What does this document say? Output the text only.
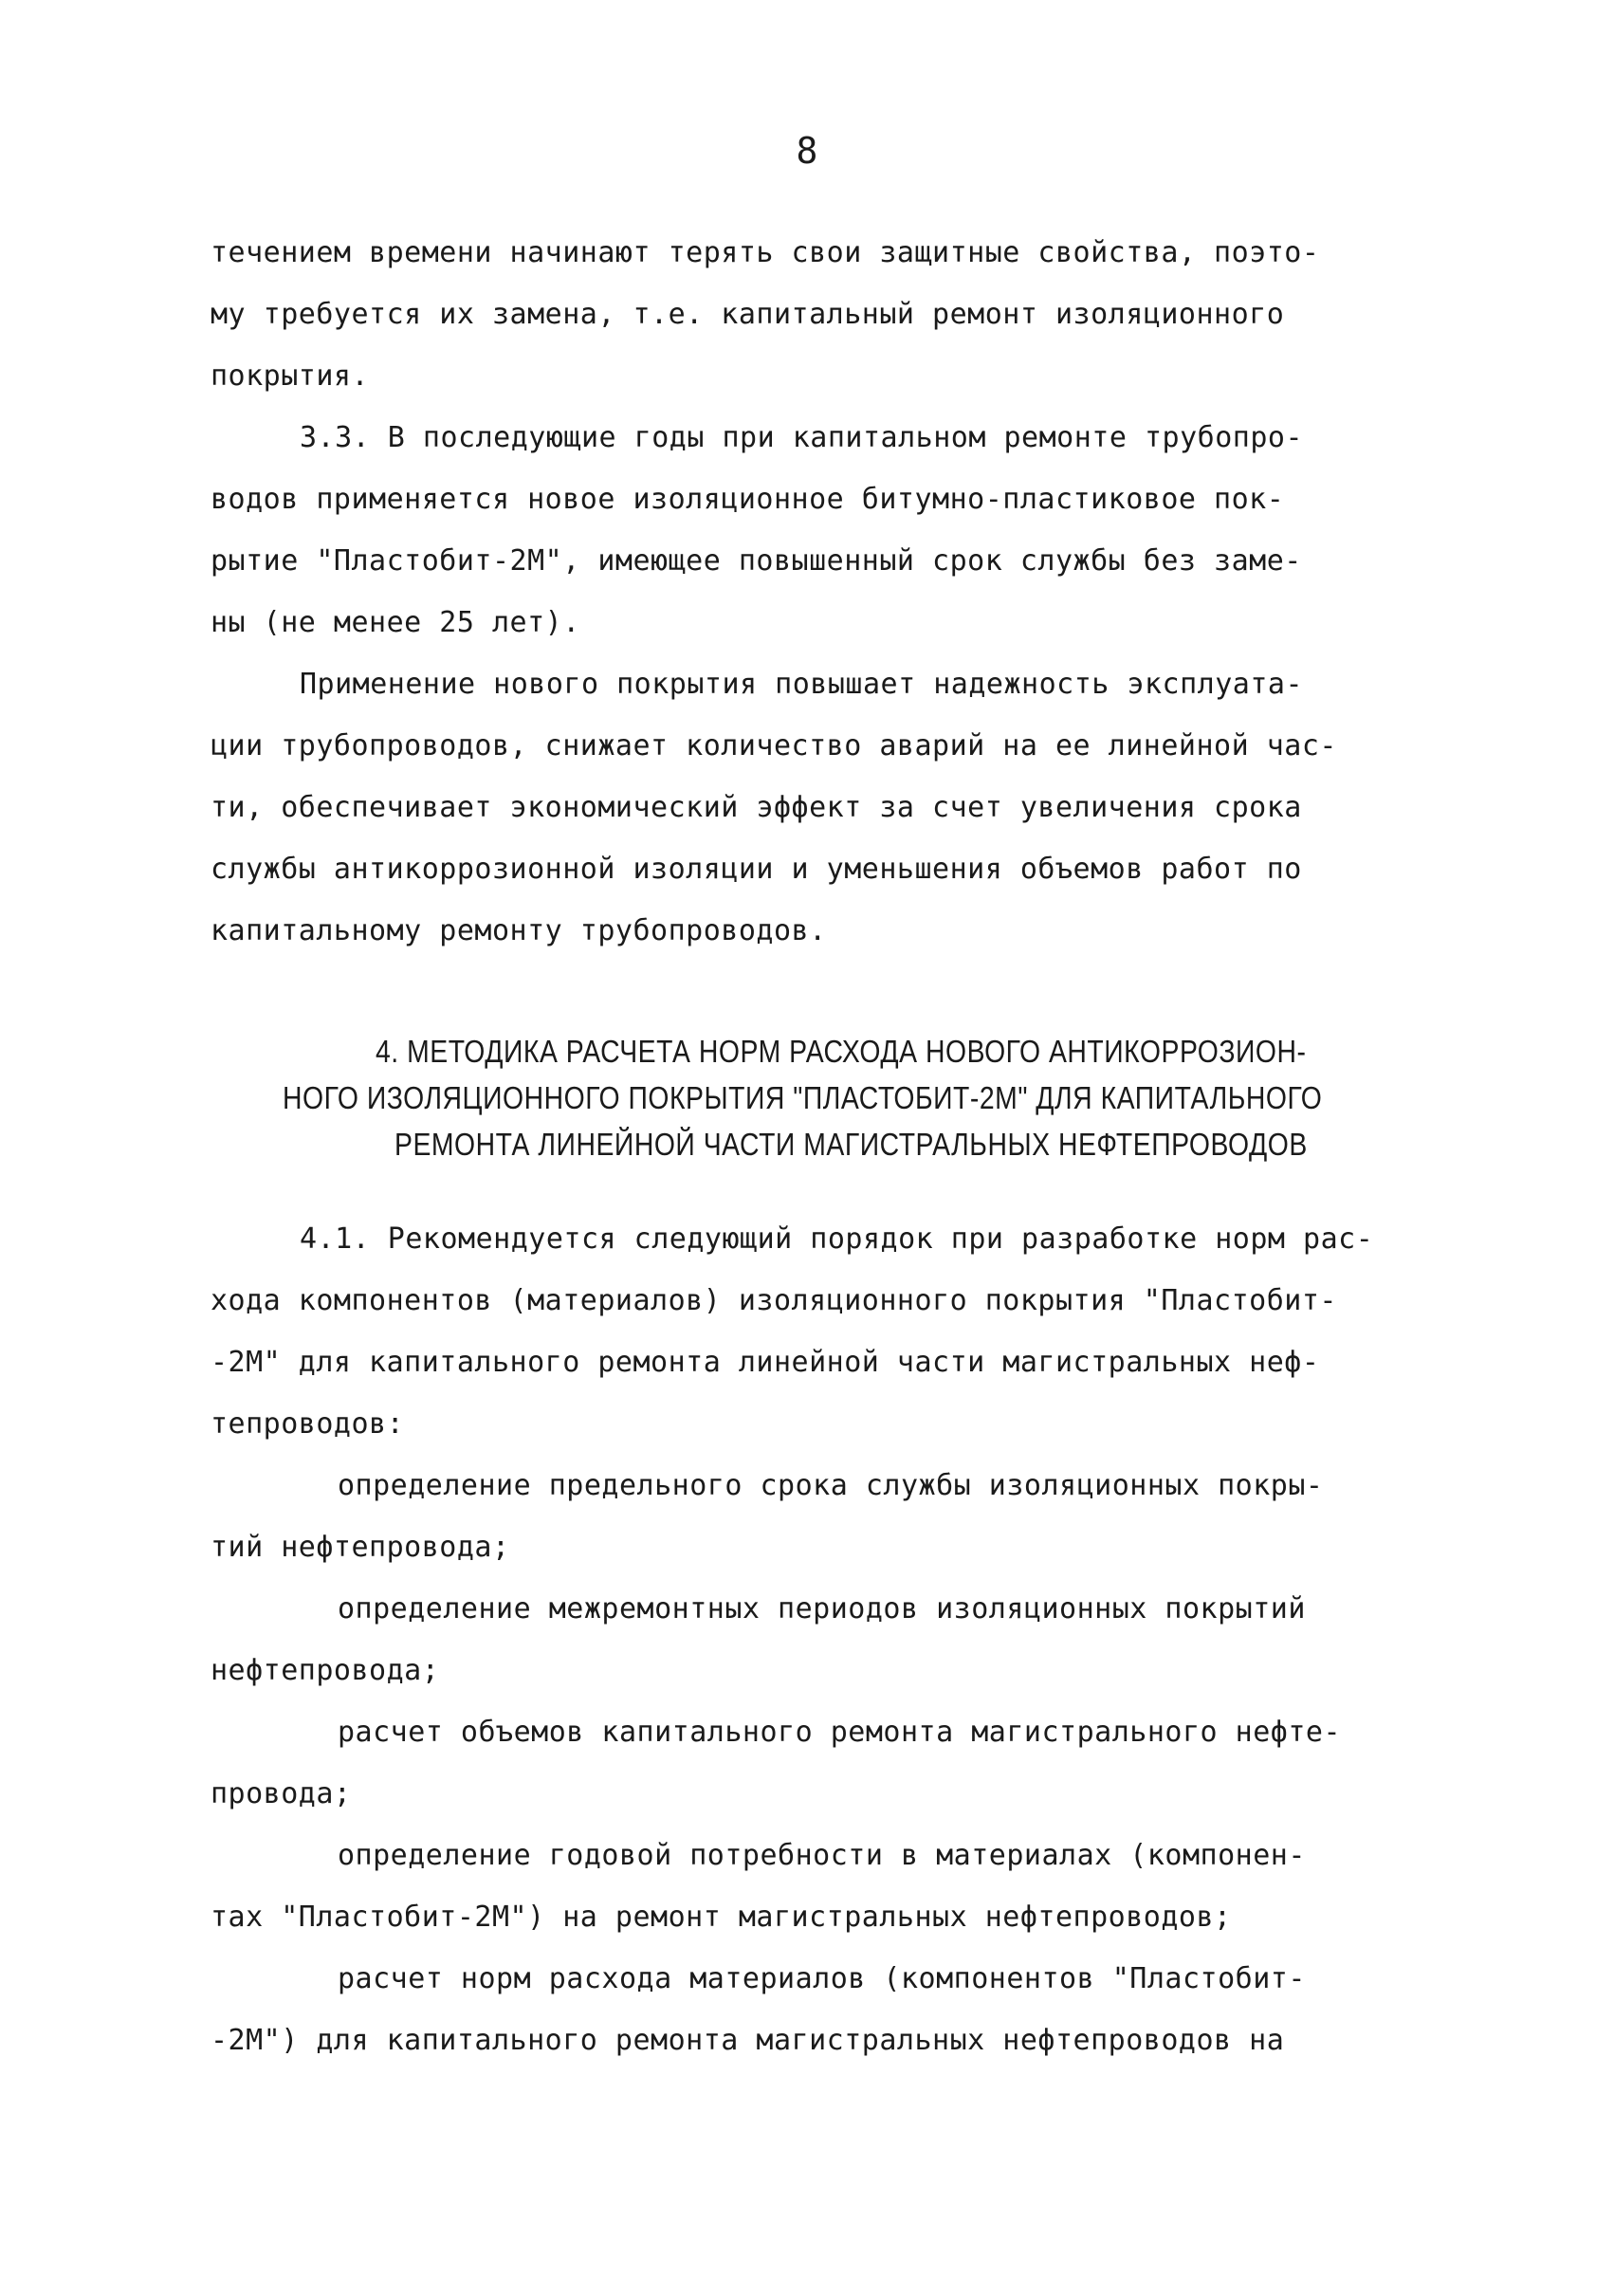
8
течением времени начинают терять свои защитные свойства, поэто-
му требуется их замена, т.е. капитальный ремонт изоляционного
покрытия.
3.3. В последующие годы при капитальном ремонте трубопро-
водов применяется новое изоляционное битумно-пластиковое пок-
рытие "Пластобит-2М", имеющее повышенный срок службы без заме-
ны (не менее 25 лет).
Применение нового покрытия повышает надежность эксплуата-
ции трубопроводов, снижает количество аварий на ее линейной час-
ти, обеспечивает экономический эффект за счет увеличения срока
службы антикоррозионной изоляции и уменьшения объемов работ по
капитальному ремонту трубопроводов.
4. МЕТОДИКА РАСЧЕТА НОРМ РАСХОДА НОВОГО АНТИКОРРОЗИОН-
НОГО ИЗОЛЯЦИОННОГО ПОКРЫТИЯ "ПЛАСТОБИТ-2М" ДЛЯ КАПИТАЛЬНОГО
РЕМОНТА ЛИНЕЙНОЙ ЧАСТИ МАГИСТРАЛЬНЫХ НЕФТЕПРОВОДОВ
4.1. Рекомендуется следующий порядок при разработке норм рас-
хода компонентов (материалов) изоляционного покрытия "Пластобит-
-2М" для капитального ремонта линейной части магистральных неф-
тепроводов:
определение предельного срока службы изоляционных покры-
тий нефтепровода;
определение межремонтных периодов изоляционных покрытий
нефтепровода;
расчет объемов капитального ремонта магистрального нефте-
провода;
определение годовой потребности в материалах (компонен-
тах "Пластобит-2М") на ремонт магистральных нефтепроводов;
расчет норм расхода материалов (компонентов "Пластобит-
-2М") для капитального ремонта магистральных нефтепроводов на
